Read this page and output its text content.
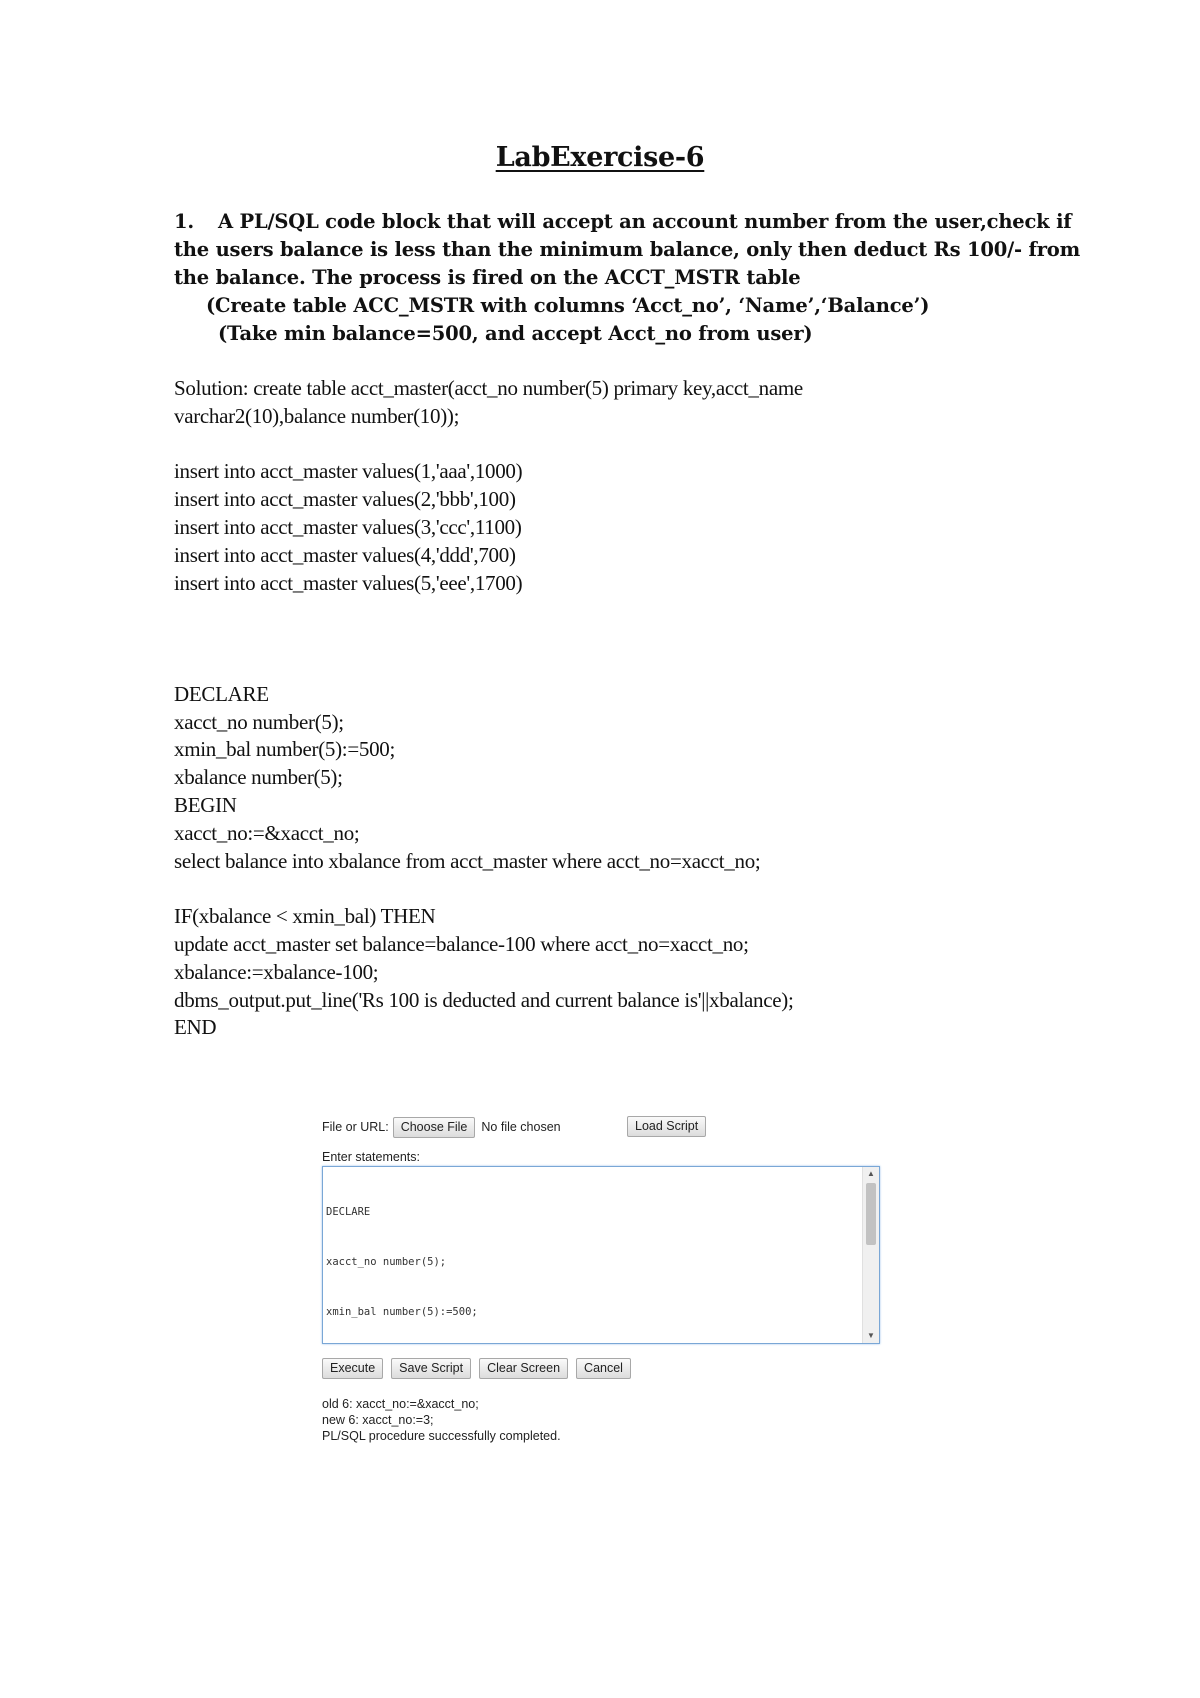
LabExercise-6
1. A PL/SQL code block that will accept an account number from the user,check if
the users balance is less than the minimum balance, only then deduct Rs 100/- from
the balance. The process is fired on the ACCT_MSTR table
(Create table ACC_MSTR with columns ‘Acct_no’, ‘Name’,‘Balance’)
(Take min balance=500, and accept Acct_no from user)
Solution: create table acct_master(acct_no number(5) primary key,acct_name
varchar2(10),balance number(10));
insert into acct_master values(1,'aaa',1000)
insert into acct_master values(2,'bbb',100)
insert into acct_master values(3,'ccc',1100)
insert into acct_master values(4,'ddd',700)
insert into acct_master values(5,'eee',1700)
DECLARE
xacct_no number(5);
xmin_bal number(5):=500;
xbalance number(5);
BEGIN
xacct_no:=&xacct_no;
select balance into xbalance from acct_master where acct_no=xacct_no;
IF(xbalance < xmin_bal) THEN
update acct_master set balance=balance-100 where acct_no=xacct_no;
xbalance:=xbalance-100;
dbms_output.put_line('Rs 100 is deducted and current balance is'||xbalance);
END
File or URL: Choose File	No file chosen	Load Script
Enter statements:

DECLARE

xacct_no number(5);

xmin_bal number(5):=500;

▲
▼
Execute	Save Script	Clear Screen	Cancel
old 6: xacct_no:=&xacct_no;
new 6: xacct_no:=3;
PL/SQL procedure successfully completed.
